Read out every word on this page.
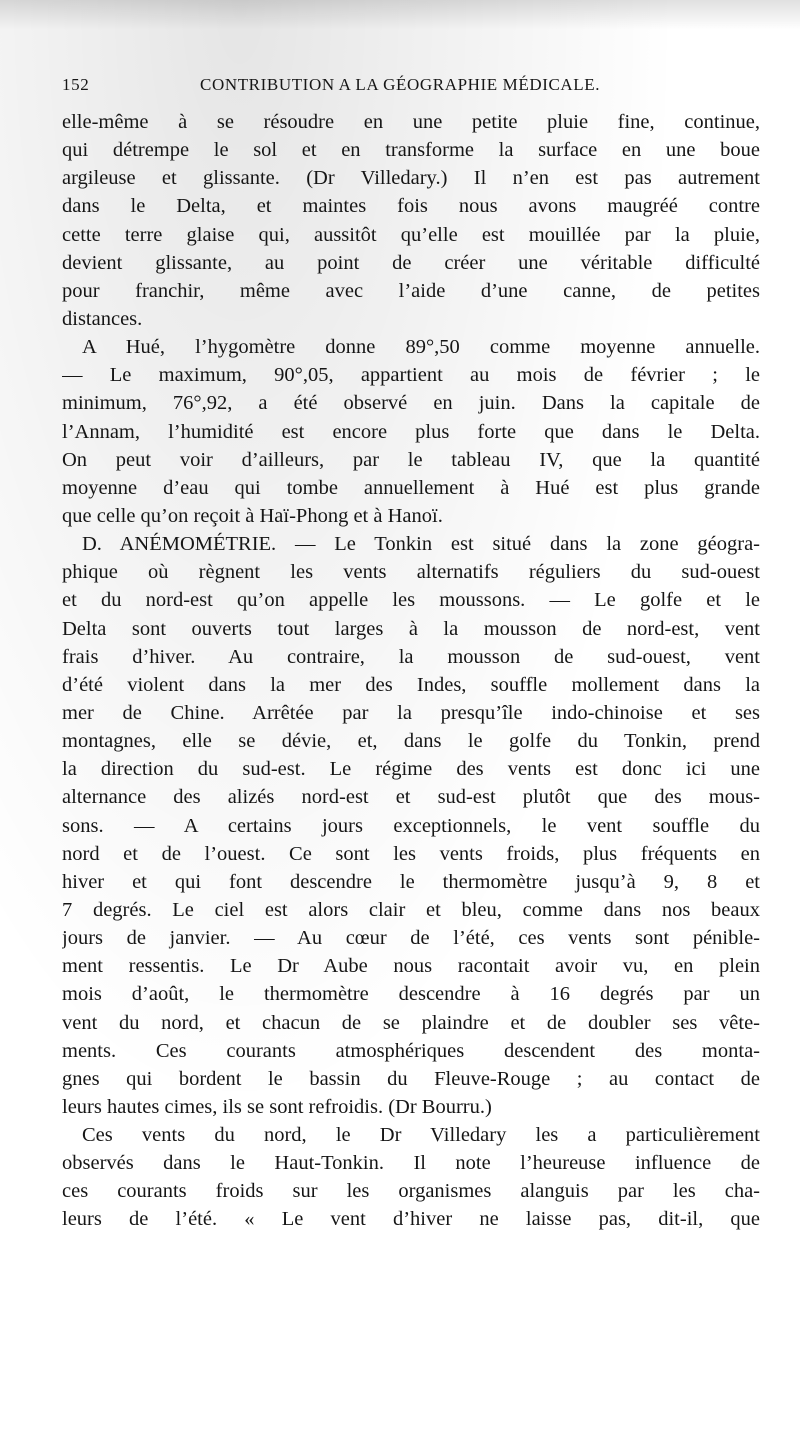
152	CONTRIBUTION A LA GÉOGRAPHIE MÉDICALE.
elle-même à se résoudre en une petite pluie fine, continue,
qui détrempe le sol et en transforme la surface en une boue
argileuse et glissante. (Dr Villedary.) Il n’en est pas autrement
dans le Delta, et maintes fois nous avons maugréé contre
cette terre glaise qui, aussitôt qu’elle est mouillée par la pluie,
devient glissante, au point de créer une véritable difficulté
pour franchir, même avec l’aide d’une canne, de petites
distances.
A Hué, l’hygomètre donne 89°,50 comme moyenne annuelle.
— Le maximum, 90°,05, appartient au mois de février ; le
minimum, 76°,92, a été observé en juin. Dans la capitale de
l’Annam, l’humidité est encore plus forte que dans le Delta.
On peut voir d’ailleurs, par le tableau IV, que la quantité
moyenne d’eau qui tombe annuellement à Hué est plus grande
que celle qu’on reçoit à Haï-Phong et à Hanoï.
D. ANÉMOMÉTRIE. — Le Tonkin est situé dans la zone géogra-
phique où règnent les vents alternatifs réguliers du sud-ouest
et du nord-est qu’on appelle les moussons. — Le golfe et le
Delta sont ouverts tout larges à la mousson de nord-est, vent
frais d’hiver. Au contraire, la mousson de sud-ouest, vent
d’été violent dans la mer des Indes, souffle mollement dans la
mer de Chine. Arrêtée par la presqu’île indo-chinoise et ses
montagnes, elle se dévie, et, dans le golfe du Tonkin, prend
la direction du sud-est. Le régime des vents est donc ici une
alternance des alizés nord-est et sud-est plutôt que des mous-
sons. — A certains jours exceptionnels, le vent souffle du
nord et de l’ouest. Ce sont les vents froids, plus fréquents en
hiver et qui font descendre le thermomètre jusqu’à 9, 8 et
7 degrés. Le ciel est alors clair et bleu, comme dans nos beaux
jours de janvier. — Au cœur de l’été, ces vents sont pénible-
ment ressentis. Le Dr Aube nous racontait avoir vu, en plein
mois d’août, le thermomètre descendre à 16 degrés par un
vent du nord, et chacun de se plaindre et de doubler ses vête-
ments. Ces courants atmosphériques descendent des monta-
gnes qui bordent le bassin du Fleuve-Rouge ; au contact de
leurs hautes cimes, ils se sont refroidis. (Dr Bourru.)
Ces vents du nord, le Dr Villedary les a particulièrement
observés dans le Haut-Tonkin. Il note l’heureuse influence de
ces courants froids sur les organismes alanguis par les cha-
leurs de l’été. « Le vent d’hiver ne laisse pas, dit-il, que
